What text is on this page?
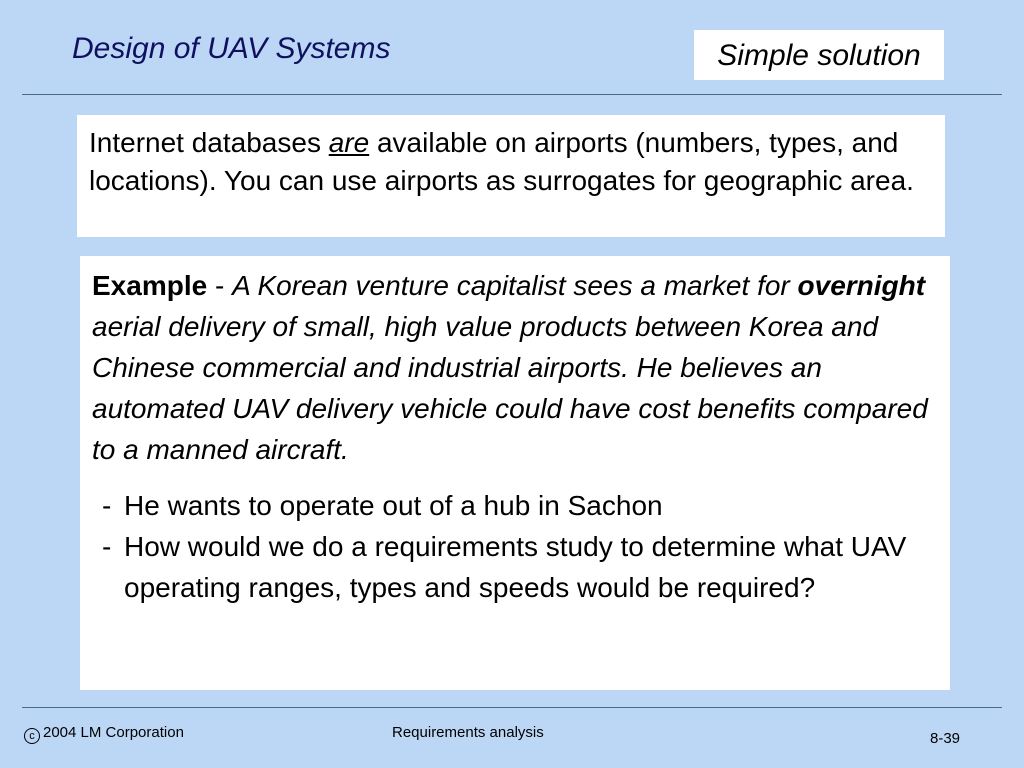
Design of UAV Systems	Simple solution
Internet databases are available on airports (numbers, types, and locations). You can use airports as surrogates for geographic area.
Example - A Korean venture capitalist sees a market for overnight aerial delivery of small, high value products between Korea and Chinese commercial and industrial airports. He believes an automated UAV delivery vehicle could have cost benefits compared to a manned aircraft.
- He wants to operate out of a hub in Sachon
- How would we do a requirements study to determine what UAV operating ranges, types and speeds would be required?
c 2004 LM Corporation	Requirements analysis	8-39
